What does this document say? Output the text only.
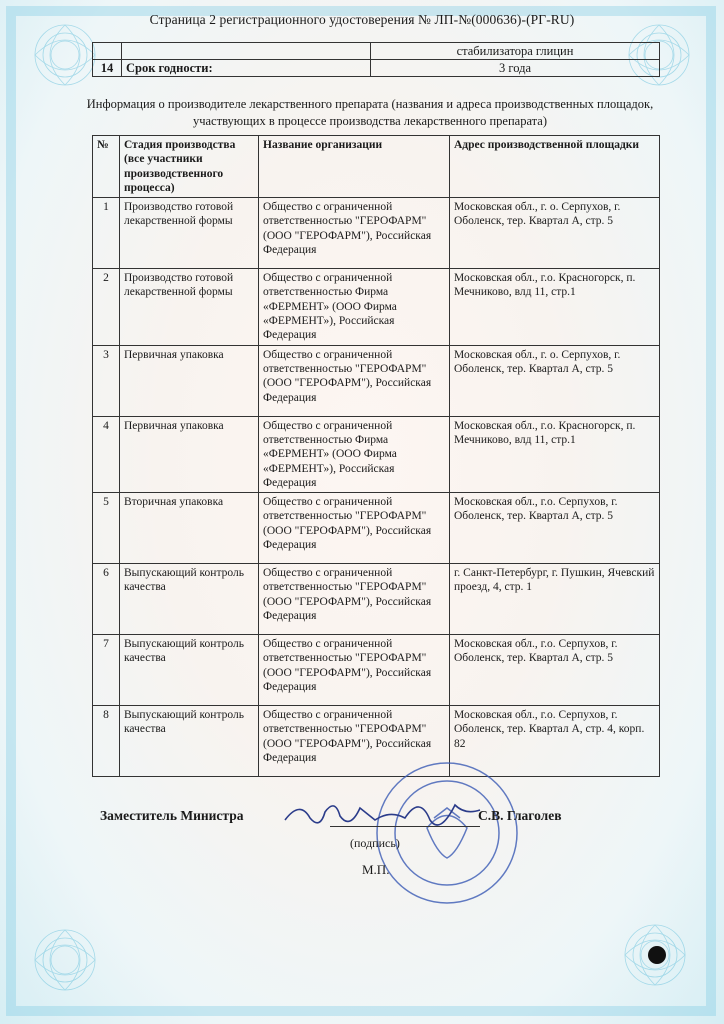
Страница 2 регистрационного удостоверения № ЛП-№(000636)-(РГ-RU)
		стабилизатора глицин
14	Срок годности:	3 года
Информация о производителе лекарственного препарата (названия и адреса производственных площадок, участвующих в процессе производства лекарственного препарата)
№	Стадия производства (все участники производственного процесса)	Название организации	Адрес производственной площадки
1	Производство готовой лекарственной формы	Общество с ограниченной ответственностью "ГЕРОФАРМ" (ООО "ГЕРОФАРМ"), Российская Федерация	Московская обл., г. о. Серпухов, г. Оболенск, тер. Квартал А, стр. 5
2	Производство готовой лекарственной формы	Общество с ограниченной ответственностью Фирма «ФЕРМЕНТ» (ООО Фирма «ФЕРМЕНТ»), Российская Федерация	Московская обл., г.о. Красногорск, п. Мечниково, влд 11, стр.1
3	Первичная упаковка	Общество с ограниченной ответственностью "ГЕРОФАРМ" (ООО "ГЕРОФАРМ"), Российская Федерация	Московская обл., г. о. Серпухов, г. Оболенск, тер. Квартал А, стр. 5
4	Первичная упаковка	Общество с ограниченной ответственностью Фирма «ФЕРМЕНТ» (ООО Фирма «ФЕРМЕНТ»), Российская Федерация	Московская обл., г.о. Красногорск, п. Мечниково, влд 11, стр.1
5	Вторичная упаковка	Общество с ограниченной ответственностью "ГЕРОФАРМ" (ООО "ГЕРОФАРМ"), Российская Федерация	Московская обл., г.о. Серпухов, г. Оболенск, тер. Квартал А, стр. 5
6	Выпускающий контроль качества	Общество с ограниченной ответственностью "ГЕРОФАРМ" (ООО "ГЕРОФАРМ"), Российская Федерация	г. Санкт-Петербург, г. Пушкин, Ячевский проезд, 4, стр. 1
7	Выпускающий контроль качества	Общество с ограниченной ответственностью "ГЕРОФАРМ" (ООО "ГЕРОФАРМ"), Российская Федерация	Московская обл., г.о. Серпухов, г. Оболенск, тер. Квартал А, стр. 5
8	Выпускающий контроль качества	Общество с ограниченной ответственностью "ГЕРОФАРМ" (ООО "ГЕРОФАРМ"), Российская Федерация	Московская обл., г.о. Серпухов, г. Оболенск, тер. Квартал А, стр. 4, корп. 82
Заместитель Министра	С.В. Глаголев
(подпись)
М.П.
